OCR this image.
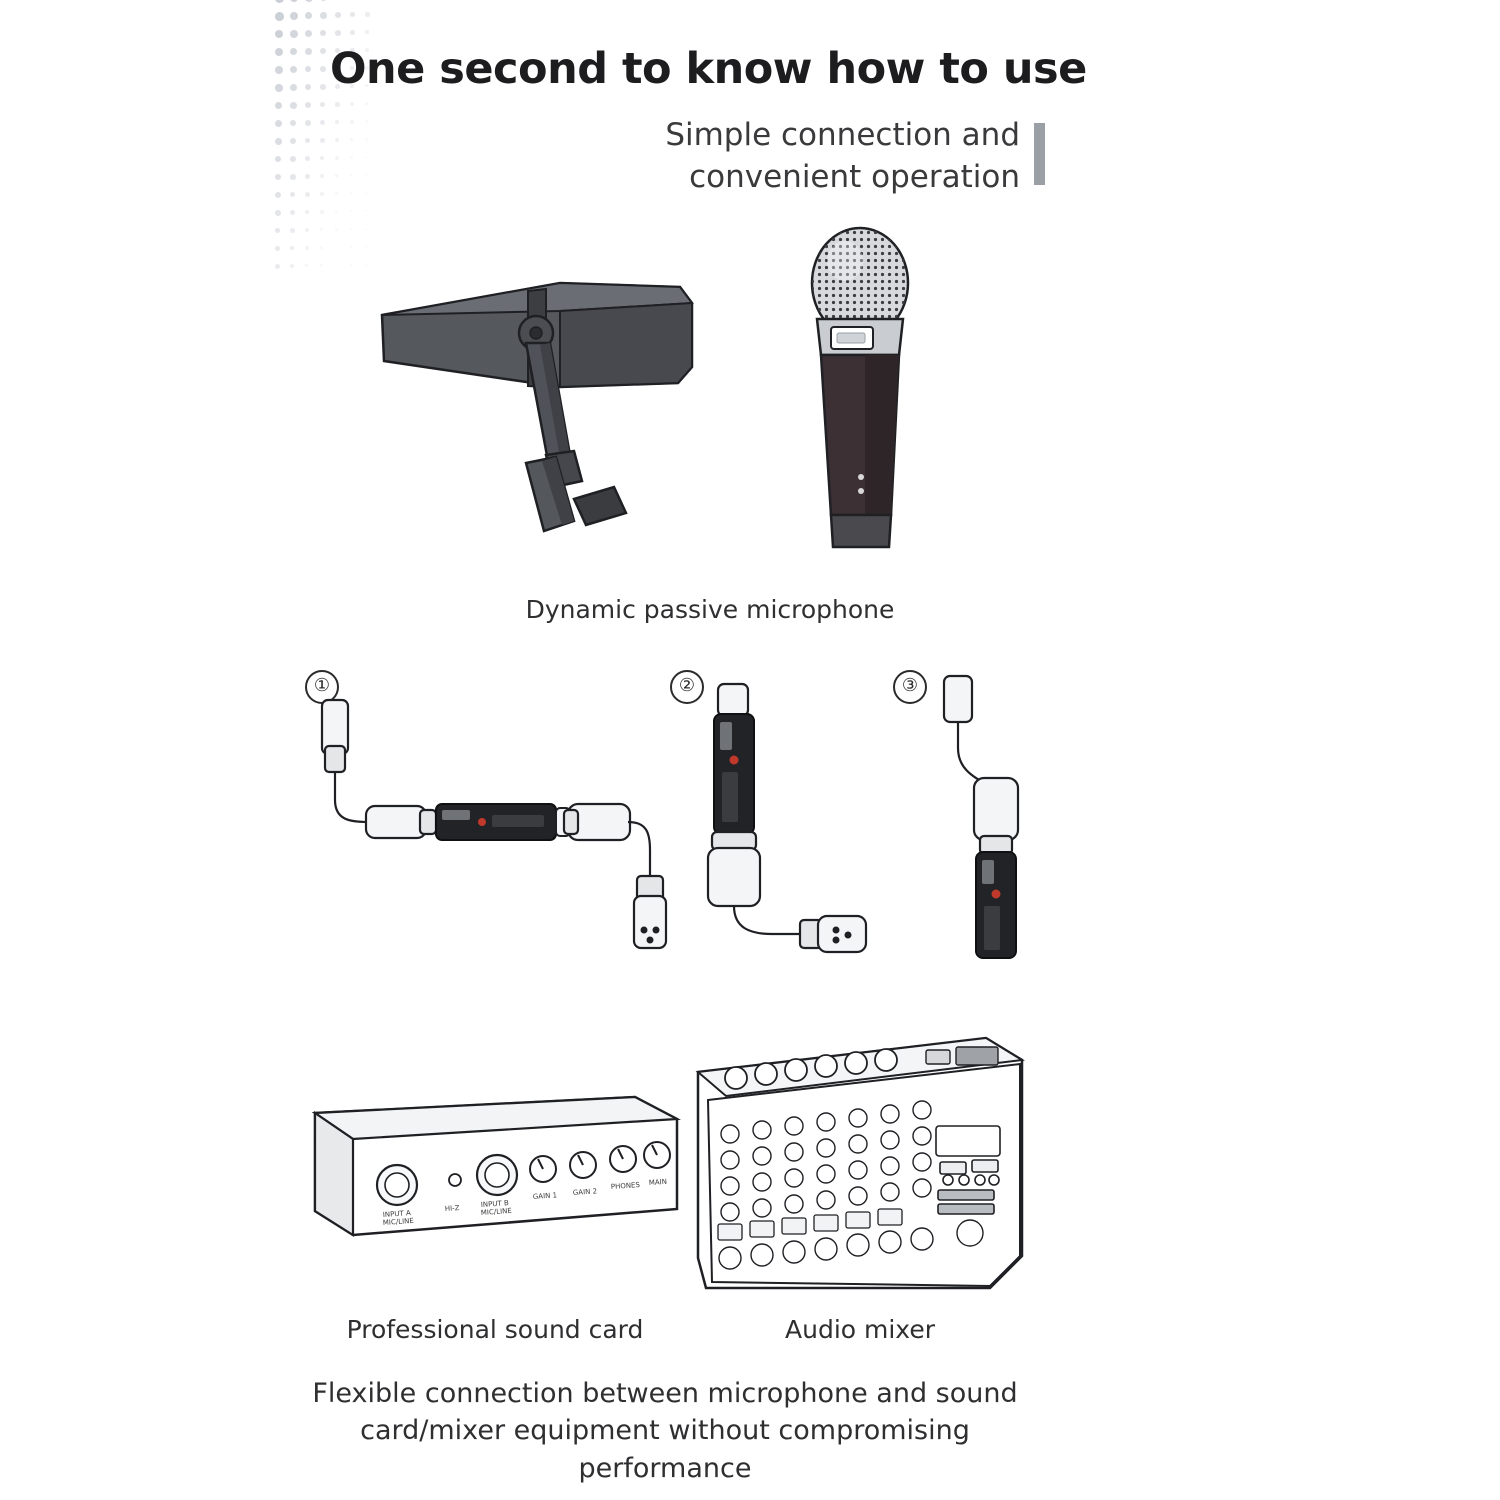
One second to know how to use
Simple connection and
convenient operation
Dynamic passive microphone
①	②	③
INPUT A
MIC/LINE
HI-Z	INPUT B
MIC/LINE
GAIN 1 GAIN 2
PHONES MAIN
Professional sound card	Audio mixer
Flexible connection between microphone and sound
card/mixer equipment without compromising
performance
